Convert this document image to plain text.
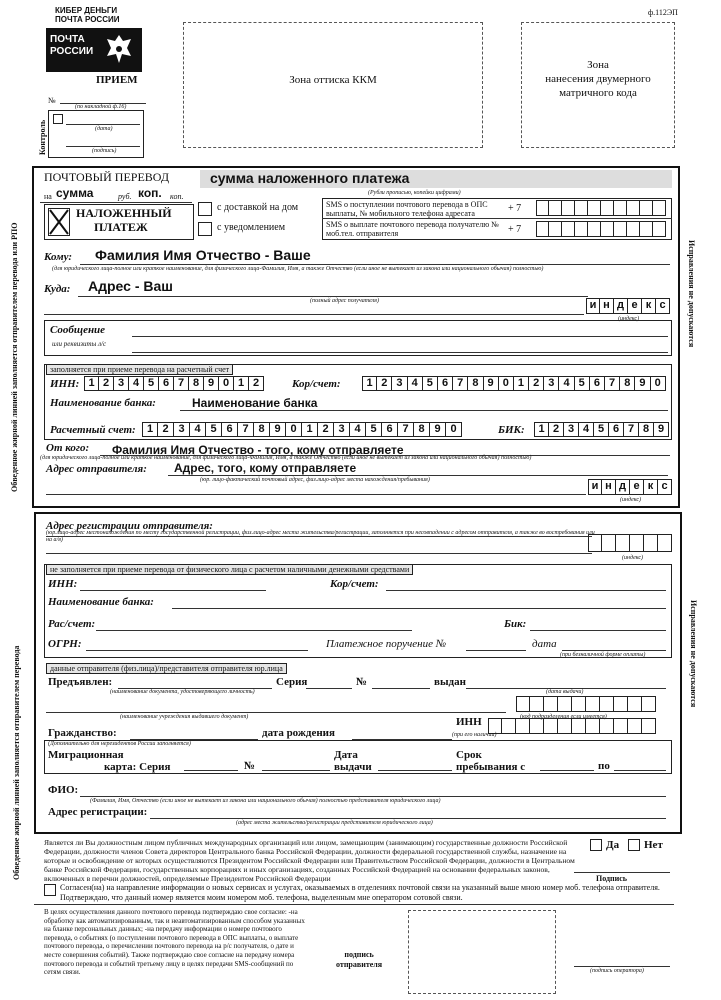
КИБЕР ДЕНЬГИ
ПОЧТА РОССИИ
ПОЧТА
РОССИИ
ПРИЕМ
№
(по накладной ф.16)
Контроль	(дата)
(подпись)
Зона оттиска ККМ
Зона
нанесения двумерного
матричного кода
ф.112ЭП
Обведенное жирной линией заполняется отправителем перевода или РПО	Исправления не допускаются
Обведенное жирной линией заполняется отправителем перевода	Исправления не допускаются
ПОЧТОВЫЙ ПЕРЕВОД	сумма наложенного платежа
на сумма	руб. коп. коп.	(Рубли прописью, копейки цифрами)
НАЛОЖЕННЫЙ
ПЛАТЕЖ
с доставкой на дом
с уведомлением
SMS о поступлении почтового перевода в ОПС выплаты, № мобильного телефона адресата
SMS о выплате почтового перевода получателю № моб.тел. отправителя
+ 7
+ 7
Кому: Фамилия Имя Отчество - Ваше
(для юридического лица-полное или краткое наименование, для физического лица-Фамилия, Имя, а также Отчество (если иное не вытекает из закона или национального обычая) полностью)
Куда: Адрес - Ваш
(полный адрес получателя)	и н д е к с
(индекс)
Сообщение
или реквизиты л/с
заполняется при приеме перевода на расчетный счет
ИНН: 1 2 3 4 5 6 7 8 9 0 1 2	Кор/счет:	1 2 3 4 5 6 7 8 9 0 1 2 3 4 5 6 7 8 9 0
Наименование банка:	Наименование банка
Расчетный счет:	1 2 3 4 5 6 7 8 9 0 1 2 3 4 5 6 7 8 9 0	БИК:	1 2 3 4 5 6 7 8 9
От кого: Фамилия Имя Отчество - того, кому отправляете
(для юридического лица-полное или краткое наименование, для физического лица-Фамилия, Имя, а также Отчество (если иное не вытекает из закона или национального обычая) полностью)
Адрес отправителя: Адрес, того, кому отправляете
(юр. лицо-фактический почтовый адрес, физ.лицо-адрес места нахождения/пребывания)	и н д е к с
(индекс)
Адрес регистрации отправителя:
(юр.лицо-адрес местонахождения по месту государственной регистрации, физ.лицо-адрес места жительства/регистрации, заполняется при несовпадении с адресом отправителя, а также во востребования или на а/я)
(индекс)
не заполняется при приеме перевода от физического лица с расчетом наличными денежными средствами
ИНН:	Кор/счет:
Наименование банка:
Рас/счет:	Бик:
ОГРН:	Платежное поручение №	дата
(при безналичной форме оплаты)
данные отправителя (физ.лица)/представителя отправителя юр.лица
Предъявлен:	Серия	№	выдан
(наименование документа, удостоверяющего личность)	(дата выдачи)
(наименование учреждения выдавшего документ)	(код подразделения если имеется)
Гражданство:	дата рождения
ИНН
(при его наличии)
(Дополнительно для нерезидентов России заполняется)
Миграционная
карта: Серия	№
Дата
выдачи
Срок
пребывания с	по
ФИО:
(Фамилия, Имя, Отчество (если иное не вытекает из закона или национального обычая) полностью представителя юридического лица)
Адрес регистрации:
(адрес места жительства/регистрации представителя юридического лица)
Является ли Вы должностным лицом публичных международных организаций или лицом, замещающим (занимающим) государственные должности Российской Федерации, должности членов Совета директоров Центрального банка Российской Федерации, должности федеральной государственной службы, назначение на которые и освобождение от которых осуществляются Президентом Российской Федерации или Правительством Российской Федерации, должности в Центральном банке Российской Федерации, государственных корпорациях и иных организациях, созданных Российской Федерацией на основании федеральных законов, включенных в перечни должностей, определяемые Президентом Российской Федерации
Да Нет
Подпись
Согласен(на) на направление информации о новых сервисах и услугах, оказываемых в отделениях почтовой связи на указанный выше мною номер моб. телефона отправителя. Подтверждаю, что данный номер является моим номером моб. телефона, выделенным мне оператором сотовой связи.
В целях осуществления данного почтового перевода подтверждаю свое согласие: -на обработку как автоматизированным, так и неавтоматизированным способом указанных на бланке персональных данных; -на передачу информации о номере почтового перевода, о событиях (о поступлении почтового перевода в ОПС выплаты, о выплате почтового перевода, о перечислении почтового перевода на р/с получателя, о дате и месте совершения событий). Также подтверждаю свое согласие на передачу номера почтового перевода и событий третьему лицу в целях передачи SMS-сообщений по сетям связи.
подпись
отправителя
(подпись оператора)
